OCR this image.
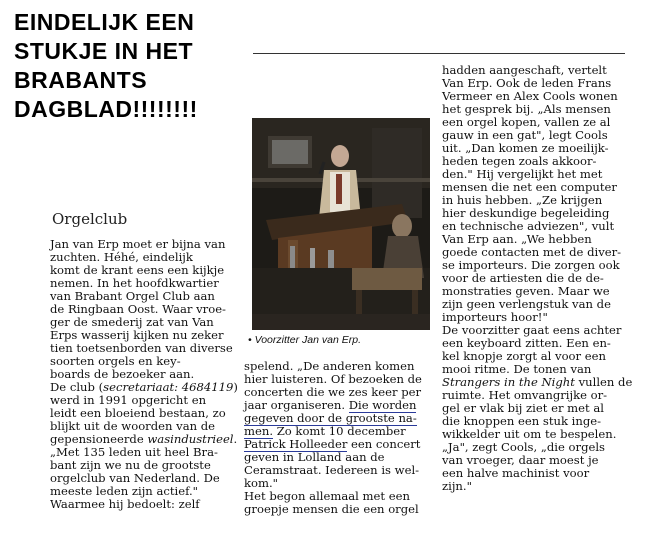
EINDELIJK EEN
STUKJE IN HET
BRABANTS
DAGBLAD!!!!!!!!
• Voorzitter Jan van Erp.
Orgelclub
Jan van Erp moet er bijna van
zuchten. Héhé, eindelijk
komt de krant eens een kijkje
nemen. In het hoofdkwartier
van Brabant Orgel Club aan
de Ringbaan Oost. Waar vroe-
ger de smederij zat van Van
Erps wasserij kijken nu zeker
tien toetsenborden van diverse
soorten orgels en key-
boards de bezoeker aan.
De club (secretariaat: 4684119)
werd in 1991 opgericht en
leidt een bloeiend bestaan, zo
blijkt uit de woorden van de
gepensioneerde wasindustrieel.
„Met 135 leden uit heel Bra-
bant zijn we nu de grootste
orgelclub van Nederland. De
meeste leden zijn actief."
Waarmee hij bedoelt: zelf
spelend. „De anderen komen
hier luisteren. Of bezoeken de
concerten die we zes keer per
jaar organiseren. Die worden
gegeven door de grootste na-
men. Zo komt 10 december
Patrick Holleeder een concert
geven in Lolland aan de
Ceramstraat. Iedereen is wel-
kom."
Het begon allemaal met een
groepje mensen die een orgel
hadden aangeschaft, vertelt
Van Erp. Ook de leden Frans
Vermeer en Alex Cools wonen
het gesprek bij. „Als mensen
een orgel kopen, vallen ze al
gauw in een gat", legt Cools
uit. „Dan komen ze moeilijk-
heden tegen zoals akkoor-
den." Hij vergelijkt het met
mensen die net een computer
in huis hebben. „Ze krijgen
hier deskundige begeleiding
en technische adviezen", vult
Van Erp aan. „We hebben
goede contacten met de diver-
se importeurs. Die zorgen ook
voor de artiesten die de de-
monstraties geven. Maar we
zijn geen verlengstuk van de
importeurs hoor!"
De voorzitter gaat eens achter
een keyboard zitten. Een en-
kel knopje zorgt al voor een
mooi ritme. De tonen van
Strangers in the Night vullen de
ruimte. Het omvangrijke or-
gel er vlak bij ziet er met al
die knoppen een stuk inge-
wikkelder uit om te bespelen.
„Ja", zegt Cools, „die orgels
van vroeger, daar moest je
een halve machinist voor
zijn."
